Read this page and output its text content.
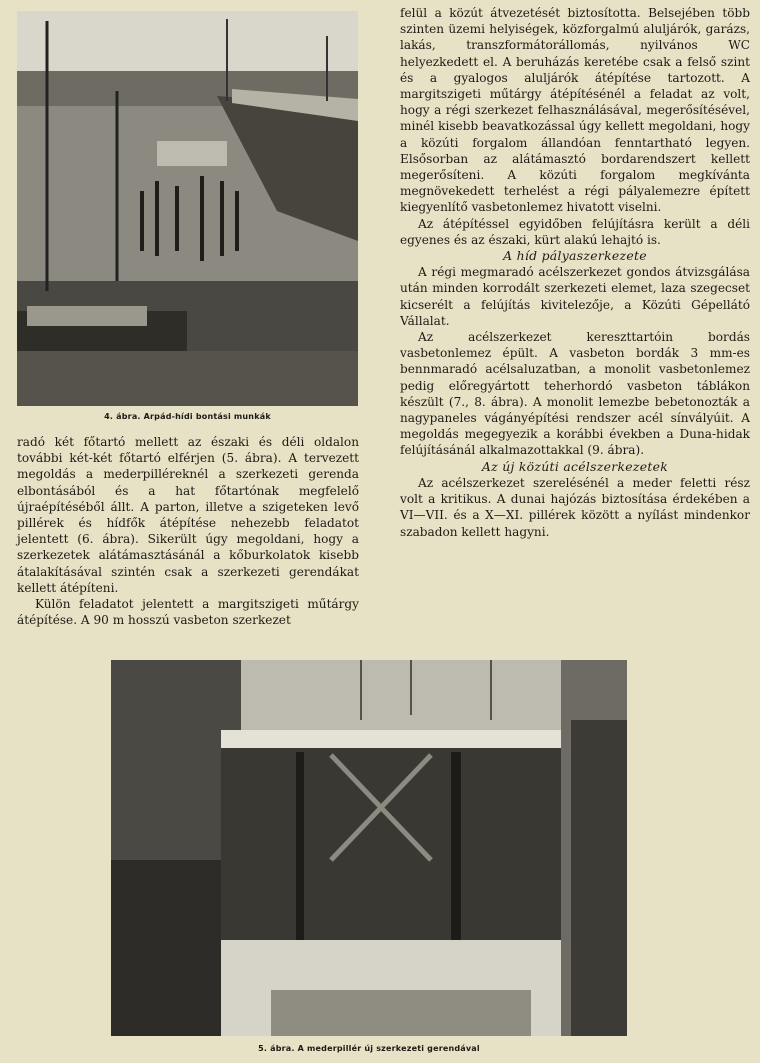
4. ábra. Arpád-hídi bontási munkák

radó két főtartó mellett az északi és déli oldalon további két-két főtartó elférjen (5. ábra). A tervezett megoldás a mederpilléreknél a szerkezeti gerenda elbontásából és a hat főtartónak megfelelő újraépítéséből állt. A parton, illetve a szigeteken levő pillérek és hídfők átépítése nehezebb feladatot jelentett (6. ábra). Sikerült úgy megoldani, hogy a szerkezetek alátámasztásánál a kőburkolatok kisebb átalakításával szintén csak a szerkezeti gerendákat kellett átépíteni.

Külön feladatot jelentett a margitszigeti műtárgy átépítése. A 90 m hosszú vasbeton szerkezet

felül a közút átvezetését biztosította. Belsejében több szinten üzemi helyiségek, közforgalmú aluljárók, garázs, lakás, transzformátorállomás, nyilvános WC helyezkedett el. A beruházás keretébe csak a felső szint és a gyalogos aluljárók átépítése tartozott. A margitszigeti műtárgy átépítésénél a feladat az volt, hogy a régi szerkezet felhasználásával, megerősítésével, minél kisebb beavatkozással úgy kellett megoldani, hogy a közúti forgalom állandóan fenntartható legyen. Elsősorban az alátámasztó bordarendszert kellett megerősíteni. A közúti forgalom megkívánta megnövekedett terhelést a régi pályalemezre épített kiegyenlítő vasbetonlemez hivatott viselni.

Az átépítéssel egyidőben felújításra került a déli egyenes és az északi, kürt alakú lehajtó is.

A híd pályaszerkezete

A régi megmaradó acélszerkezet gondos átvizsgálása után minden korrodált szerkezeti elemet, laza szegecset kicserélt a felújítás kivitelezője, a Közúti Gépellátó Vállalat.

Az acélszerkezet kereszttartóin bordás vasbetonlemez épült. A vasbeton bordák 3 mm-es bennmaradó acélsaluzatban, a monolit vasbetonlemez pedig előregyártott teherhordó vasbeton táblákon készült (7., 8. ábra). A monolit lemezbe bebetonozták a nagypaneles vágányépítési rendszer acél sínvályúit. A megoldás megegyezik a korábbi években a Duna-hidak felújításánál alkalmazottakkal (9. ábra).

Az új közúti acélszerkezetek

Az acélszerkezet szerelésénél a meder feletti rész volt a kritikus. A dunai hajózás biztosítása érdekében a VI—VII. és a X—XI. pillérek között a nyílást mindenkor szabadon kellett hagyni.

5. ábra. A mederpillér új szerkezeti gerendával
